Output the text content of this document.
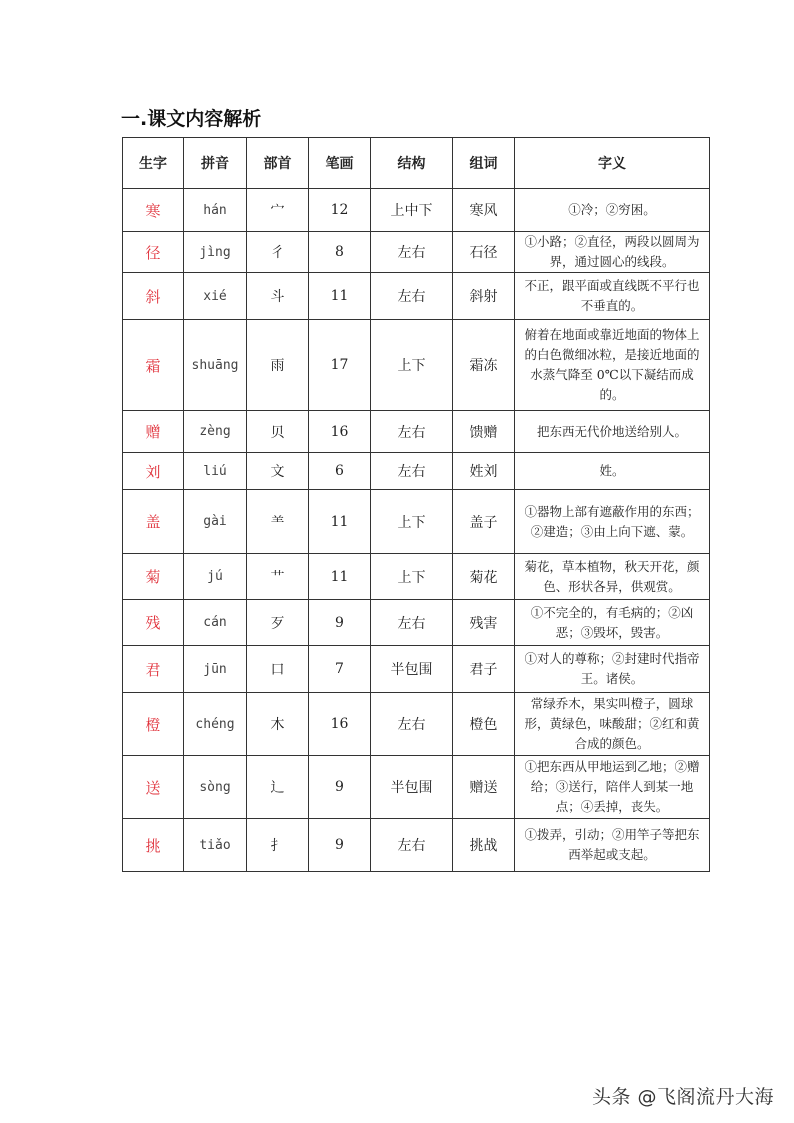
一.课文内容解析
生字	拼音	部首	笔画	结构	组词	字义
寒	hán	宀	12	上中下	寒风	①冷；②穷困。
径	jìng	彳	8	左右	石径	①小路；②直径，两段以圆周为界，通过圆心的线段。
斜	xié	斗	11	左右	斜射	不正，跟平面或直线既不平行也不垂直的。
霜	shuāng	雨	17	上下	霜冻	俯着在地面或靠近地面的物体上的白色微细冰粒，是接近地面的水蒸气降至 0℃以下凝结而成的。
赠	zèng	贝	16	左右	馈赠	把东西无代价地送给别人。
刘	liú	文	6	左右	姓刘	姓。
盖	gài	⺷	11	上下	盖子	①器物上部有遮蔽作用的东西；②建造；③由上向下遮、蒙。
菊	jú	艹	11	上下	菊花	菊花，草本植物，秋天开花，颜色、形状各异，供观赏。
残	cán	歹	9	左右	残害	①不完全的，有毛病的；②凶恶；③毁坏，毁害。
君	jūn	口	7	半包围	君子	①对人的尊称；②封建时代指帝王。诸侯。
橙	chéng	木	16	左右	橙色	常绿乔木，果实叫橙子，圆球形，黄绿色，味酸甜；②红和黄合成的颜色。
送	sòng	辶	9	半包围	赠送	①把东西从甲地运到乙地；②赠给；③送行，陪伴人到某一地点；④丢掉，丧失。
挑	tiǎo	扌	9	左右	挑战	①拨弄，引动；②用竿子等把东西举起或支起。
头条 @飞阁流丹大海
